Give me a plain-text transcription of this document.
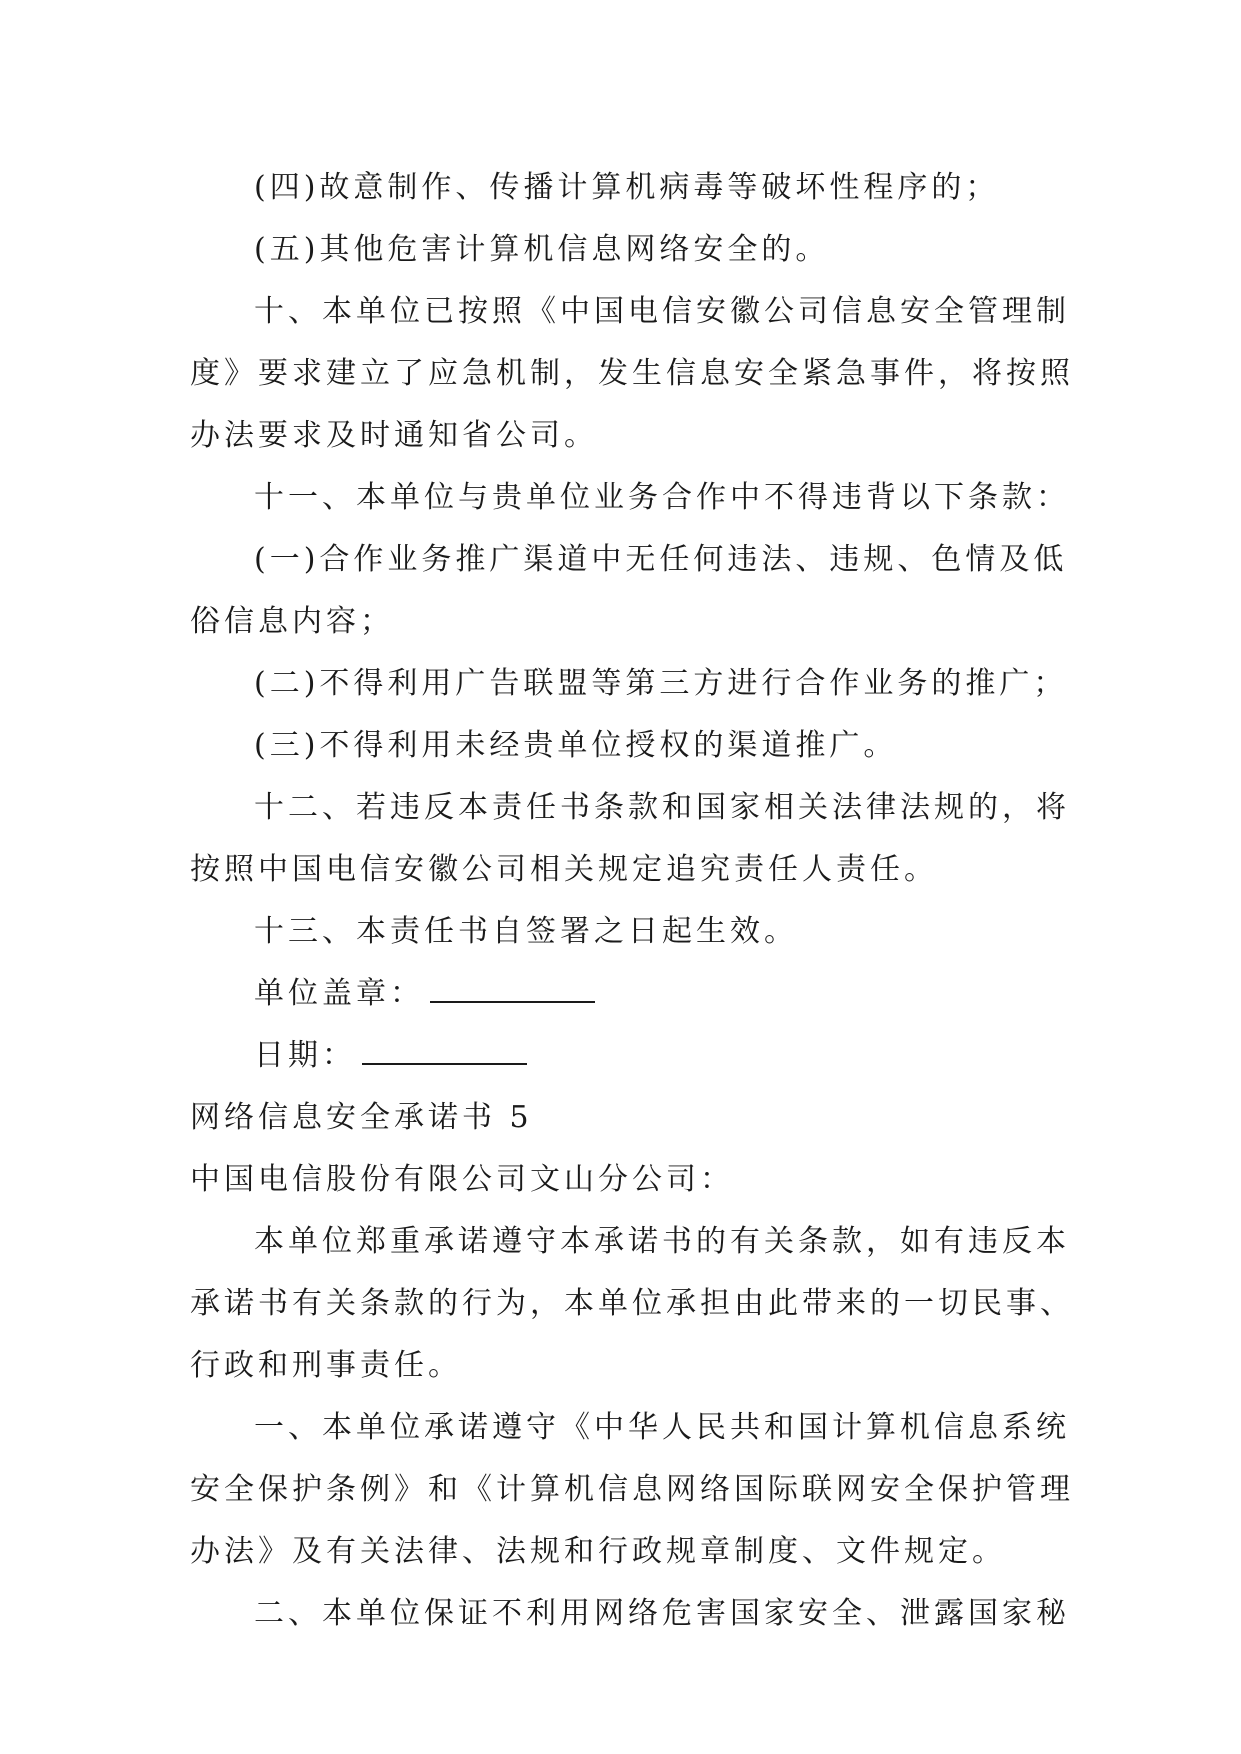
(四)故意制作、传播计算机病毒等破坏性程序的；

(五)其他危害计算机信息网络安全的。

十、本单位已按照《中国电信安徽公司信息安全管理制

度》要求建立了应急机制，发生信息安全紧急事件，将按照

办法要求及时通知省公司。

十一、本单位与贵单位业务合作中不得违背以下条款：

(一)合作业务推广渠道中无任何违法、违规、色情及低

俗信息内容；

(二)不得利用广告联盟等第三方进行合作业务的推广；

(三)不得利用未经贵单位授权的渠道推广。

十二、若违反本责任书条款和国家相关法律法规的，将

按照中国电信安徽公司相关规定追究责任人责任。

十三、本责任书自签署之日起生效。

单位盖章：

日期：

网络信息安全承诺书 5

中国电信股份有限公司文山分公司：

本单位郑重承诺遵守本承诺书的有关条款，如有违反本

承诺书有关条款的行为，本单位承担由此带来的一切民事、

行政和刑事责任。

一、本单位承诺遵守《中华人民共和国计算机信息系统

安全保护条例》和《计算机信息网络国际联网安全保护管理

办法》及有关法律、法规和行政规章制度、文件规定。

二、本单位保证不利用网络危害国家安全、泄露国家秘
